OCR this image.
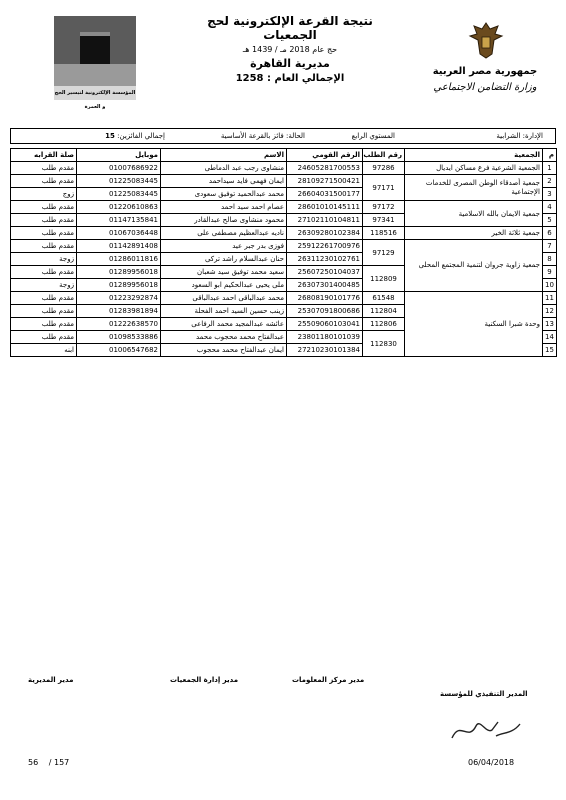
المؤسسة الإلكترونية لتيسير الحج و العمرة
نتيجة القرعة الإلكترونية لحج الجمعيات
حج عام 2018 مـ / 1439 هـ
مديرية القاهرة
الإجمالي العام : 1258
جمهورية مصر العربية
وزارة التضامن الاجتماعي
الإدارة: الشرابية
المستوي الرابع
الحالة: فائز بالقرعة الأساسية
إجمالي الفائزين: 15
م	الجمعية	رقم الطلب	الرقم القومي	الاسم	موبايل	صلة القرابه
1	الجمعية الشرعية فرع مساكن ايديال	97286	24605281700553	منشاوى رجب عبد الدماطى	01007686922	مقدم طلب
2	جمعية أصدقاء الوطن المصرى للخدمات الإجتماعية	97171	28109271500421	ايمان فهمى فايد سيداحمد	01225083445	مقدم طلب
3			26604031500177	محمد عبدالحميد توفيق سعودى	01225083445	زوج
4	جمعية الايمان بالله الاسلامية	97172	28601010145111	عصام احمد سيد احمد	01220610863	مقدم طلب
5		97341	27102110104811	محمود منشاوى صالح عبدالقادر	01147135841	مقدم طلب
6	جمعية ثلاثة الخير	118516	26309280102384	ناديه عبدالعظيم مصطفى على	01067036448	مقدم طلب
7	جمعية زاوية جروان لتنمية المجتمع المحلى	97129	25912261700976	فوزى بدر جبر عيد	01142891408	مقدم طلب
8			26311230102761	حنان عبدالسلام راشد تركى	01286011816	زوجة
9		112809	25607250104037	سعيد محمد توفيق سيد شعبان	01289956018	مقدم طلب
10			26307301400485	ملى يحيى عبدالحكيم ابو السعود	01289956018	زوجة
11	وحدة شبرا السكنية	61548	26808190101776	محمد عبدالباقى احمد عبدالباقى	01223292874	مقدم طلب
12		112804	25307091800686	زينب حسين السيد احمد الفحلة	01283981894	مقدم طلب
13		112806	25509060103041	عائشه عبدالمجيد محمد الرفاعى	01222638570	مقدم طلب
14		112830	23801180101039	عبدالفتاح محمد محجوب محمد	01098533886	مقدم طلب
15			27210230101384	ايمان عبدالفتاح محمد محجوب	01006547682	ابنه
مدير المديرية	مدير إدارة الجمعيات	مدير مركز المعلومات
المدير التنفيذي للمؤسسة
56 / 157	06/04/2018
